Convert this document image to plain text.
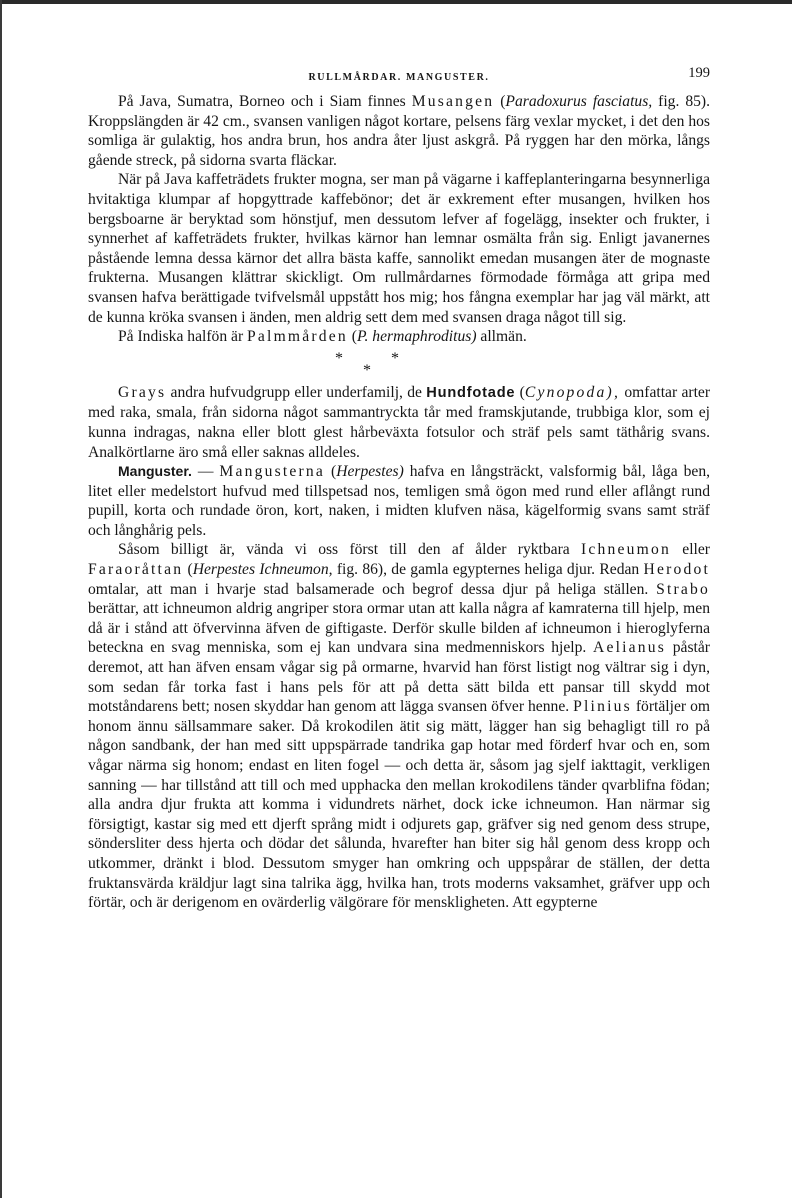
RULLMÅRDAR. MANGUSTER.	199

På Java, Sumatra, Borneo och i Siam finnes Musangen (Paradoxurus fasciatus, fig. 85). Kroppslängden är 42 cm., svansen vanligen något kortare, pelsens färg vexlar mycket, i det den hos somliga är gulaktig, hos andra brun, hos andra åter ljust askgrå. På ryggen har den mörka, långs gående streck, på sidorna svarta fläckar.

När på Java kaffeträdets frukter mogna, ser man på vägarne i kaffeplanteringarna besynnerliga hvitaktiga klumpar af hopgyttrade kaffebönor; det är exkrement efter musangen, hvilken hos bergsboarne är beryktad som hönstjuf, men dessutom lefver af fogelägg, insekter och frukter, i synnerhet af kaffeträdets frukter, hvilkas kärnor han lemnar osmälta från sig. Enligt javanernes påstående lemna dessa kärnor det allra bästa kaffe, sannolikt emedan musangen äter de mognaste frukterna. Musangen klättrar skickligt. Om rullmårdarnes förmodade förmåga att gripa med svansen hafva berättigade tvifvelsmål uppstått hos mig; hos fångna exemplar har jag väl märkt, att de kunna kröka svansen i änden, men aldrig sett dem med svansen draga något till sig.

På Indiska halfön är Palmmården (P. hermaphroditus) allmän.

*
*
*

Grays andra hufvudgrupp eller underfamilj, de Hundfotade (Cynopoda), omfattar arter med raka, smala, från sidorna något sammantryckta tår med framskjutande, trubbiga klor, som ej kunna indragas, nakna eller blott glest hårbeväxta fotsulor och sträf pels samt täthårig svans. Analkörtlarne äro små eller saknas alldeles.

Manguster. — Mangusterna (Herpestes) hafva en långsträckt, valsformig bål, låga ben, litet eller medelstort hufvud med tillspetsad nos, temligen små ögon med rund eller aflångt rund pupill, korta och rundade öron, kort, naken, i midten klufven näsa, kägelformig svans samt sträf och långhårig pels.

Såsom billigt är, vända vi oss först till den af ålder ryktbara Ichneumon eller Faraoråttan (Herpestes Ichneumon, fig. 86), de gamla egypternes heliga djur. Redan Herodot omtalar, att man i hvarje stad balsamerade och begrof dessa djur på heliga ställen. Strabo berättar, att ichneumon aldrig angriper stora ormar utan att kalla några af kamraterna till hjelp, men då är i stånd att öfvervinna äfven de giftigaste. Derför skulle bilden af ichneumon i hieroglyferna beteckna en svag menniska, som ej kan undvara sina medmenniskors hjelp. Aelianus påstår deremot, att han äfven ensam vågar sig på ormarne, hvarvid han först listigt nog vältrar sig i dyn, som sedan får torka fast i hans pels för att på detta sätt bilda ett pansar till skydd mot motståndarens bett; nosen skyddar han genom att lägga svansen öfver henne. Plinius förtäljer om honom ännu sällsammare saker. Då krokodilen ätit sig mätt, lägger han sig behagligt till ro på någon sandbank, der han med sitt uppspärrade tandrika gap hotar med förderf hvar och en, som vågar närma sig honom; endast en liten fogel — och detta är, såsom jag sjelf iakttagit, verkligen sanning — har tillstånd att till och med upphacka den mellan krokodilens tänder qvarblifna födan; alla andra djur frukta att komma i vidundrets närhet, dock icke ichneumon. Han närmar sig försigtigt, kastar sig med ett djerft språng midt i odjurets gap, gräfver sig ned genom dess strupe, söndersliter dess hjerta och dödar det sålunda, hvarefter han biter sig hål genom dess kropp och utkommer, dränkt i blod. Dessutom smyger han omkring och uppspårar de ställen, der detta fruktansvärda kräldjur lagt sina talrika ägg, hvilka han, trots moderns vaksamhet, gräfver upp och förtär, och är derigenom en ovärderlig välgörare för menskligheten. Att egypterne
